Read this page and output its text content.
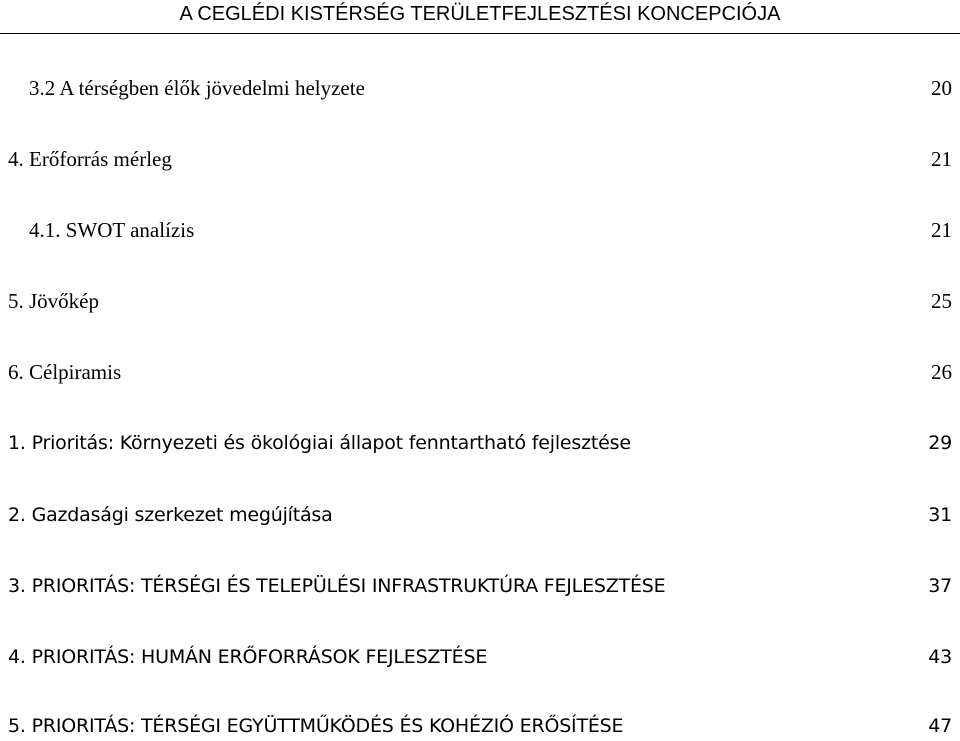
A CEGLÉDI KISTÉRSÉG TERÜLETFEJLESZTÉSI KONCEPCIÓJA
3.2 A térségben élők jövedelmi helyzete	20
4. Erőforrás mérleg	21
4.1. SWOT analízis	21
5. Jövőkép	25
6. Célpiramis	26
1. Prioritás: Környezeti és ökológiai állapot fenntartható fejlesztése	29
2. Gazdasági szerkezet megújítása	31
3. PRIORITÁS: TÉRSÉGI ÉS TELEPÜLÉSI INFRASTRUKTÚRA FEJLESZTÉSE	37
4. PRIORITÁS: HUMÁN ERŐFORRÁSOK FEJLESZTÉSE	43
5. PRIORITÁS: TÉRSÉGI EGYÜTTMŰKÖDÉS ÉS KOHÉZIÓ ERŐSÍTÉSE	47
